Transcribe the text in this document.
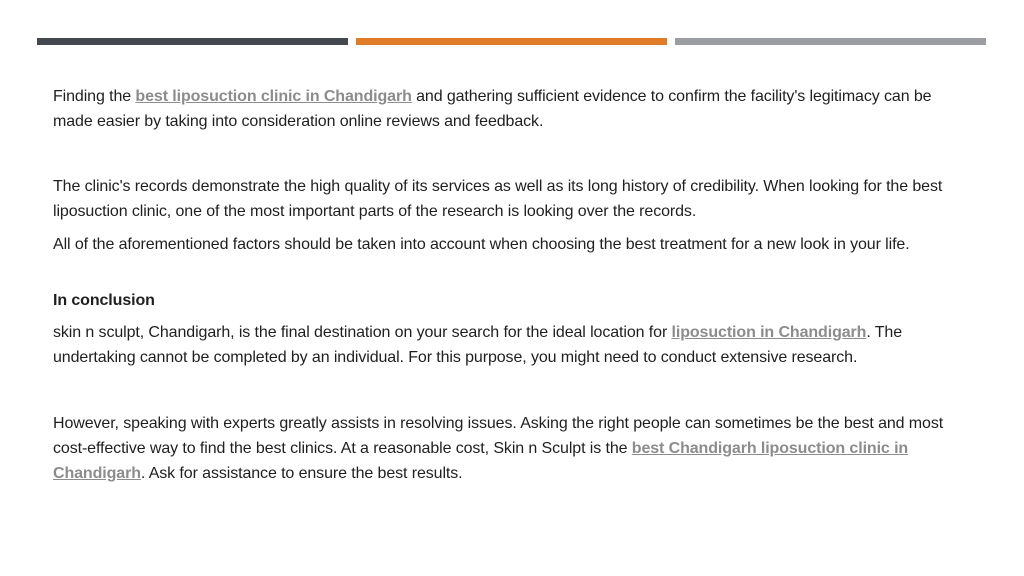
Finding the best liposuction clinic in Chandigarh and gathering sufficient evidence to confirm the facility's legitimacy can be made easier by taking into consideration online reviews and feedback.

The clinic's records demonstrate the high quality of its services as well as its long history of credibility. When looking for the best liposuction clinic, one of the most important parts of the research is looking over the records.

All of the aforementioned factors should be taken into account when choosing the best treatment for a new look in your life.

In conclusion

skin n sculpt, Chandigarh, is the final destination on your search for the ideal location for liposuction in Chandigarh. The undertaking cannot be completed by an individual. For this purpose, you might need to conduct extensive research.

However, speaking with experts greatly assists in resolving issues. Asking the right people can sometimes be the best and most cost-effective way to find the best clinics. At a reasonable cost, Skin n Sculpt is the best Chandigarh liposuction clinic in Chandigarh. Ask for assistance to ensure the best results.
